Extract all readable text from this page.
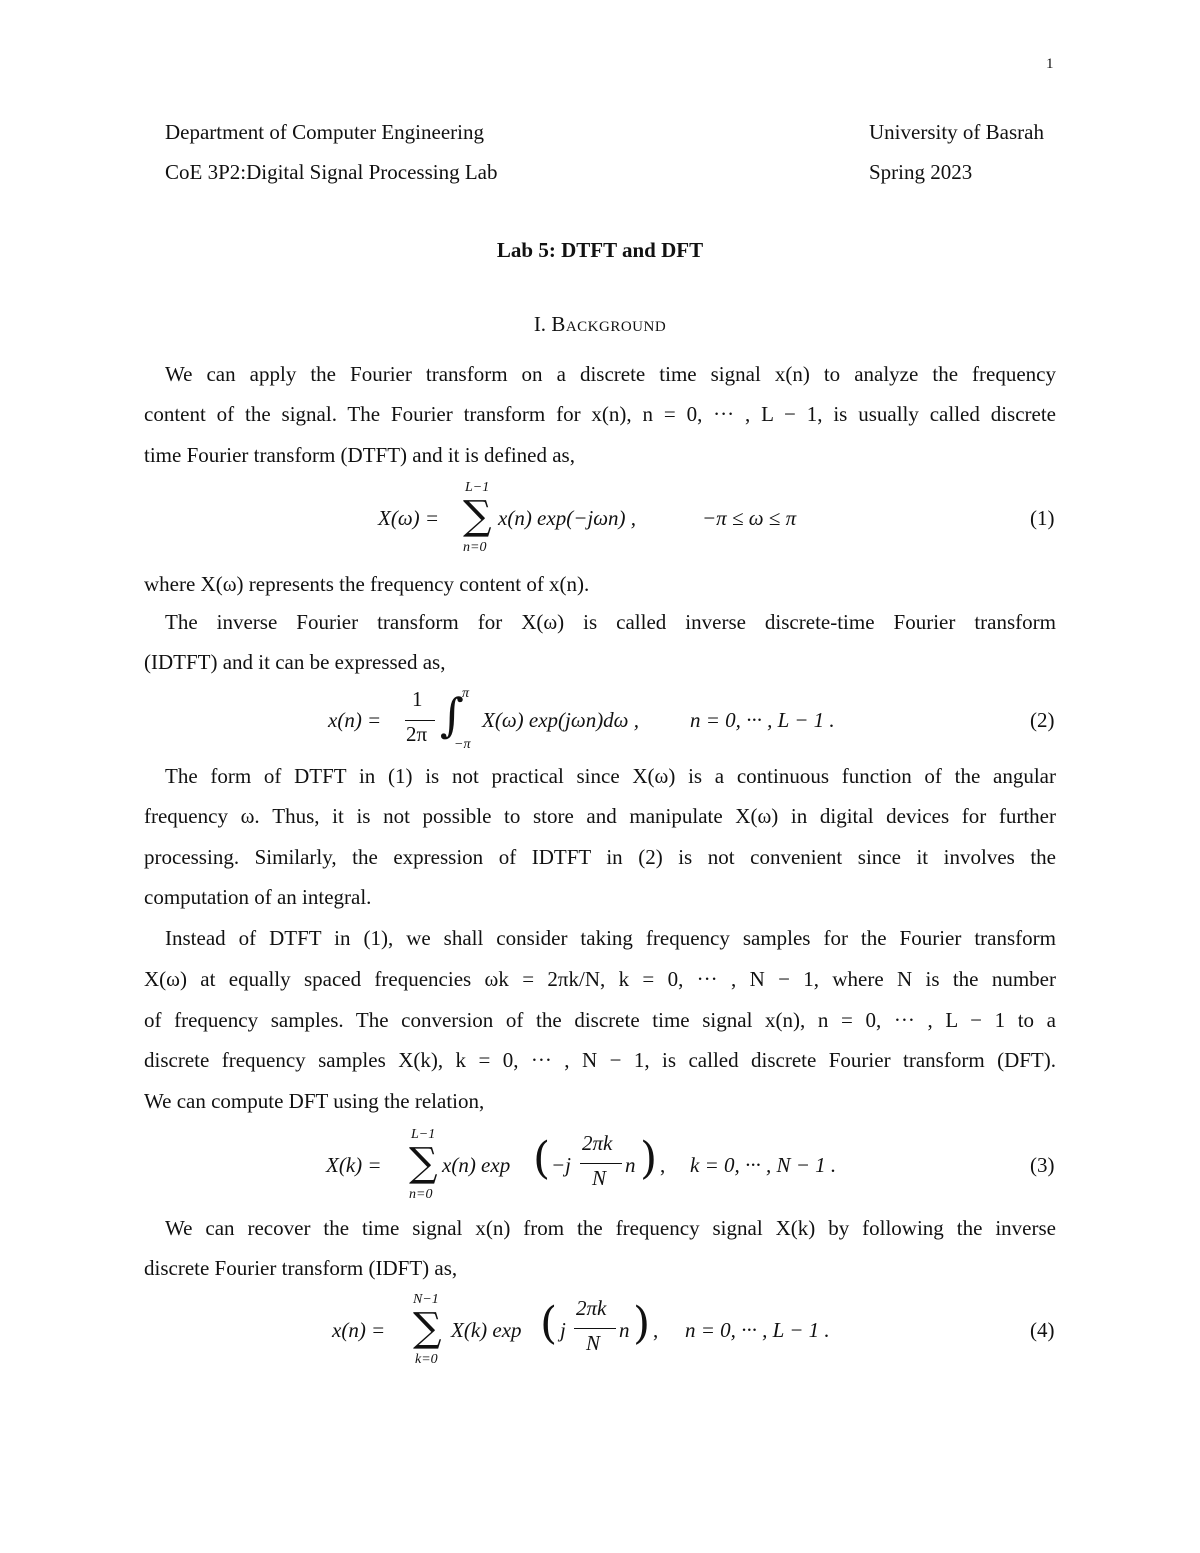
1
Department of Computer Engineering	University of Basrah
CoE 3P2:Digital Signal Processing Lab	Spring 2023
Lab 5: DTFT and DFT
I. Background
We can apply the Fourier transform on a discrete time signal x(n) to analyze the frequency
content of the signal. The Fourier transform for x(n), n = 0, ··· , L − 1, is usually called discrete
time Fourier transform (DTFT) and it is defined as,
X(ω) =
L−1
∑
n=0
x(n) exp(−jωn) ,	−π ≤ ω ≤ π	(1)
where X(ω) represents the frequency content of x(n).
The inverse Fourier transform for X(ω) is called inverse discrete-time Fourier transform
(IDTFT) and it can be expressed as,
x(n) =
1
2π ∫
π
−π
X(ω) exp(jωn)dω , n = 0, ··· , L − 1 .	(2)
The form of DTFT in (1) is not practical since X(ω) is a continuous function of the angular
frequency ω. Thus, it is not possible to store and manipulate X(ω) in digital devices for further
processing. Similarly, the expression of IDTFT in (2) is not convenient since it involves the
computation of an integral.
Instead of DTFT in (1), we shall consider taking frequency samples for the Fourier transform
X(ω) at equally spaced frequencies ωk = 2πk/N, k = 0, ··· , N − 1, where N is the number
of frequency samples. The conversion of the discrete time signal x(n), n = 0, ··· , L − 1 to a
discrete frequency samples X(k), k = 0, ··· , N − 1, is called discrete Fourier transform (DFT).
We can compute DFT using the relation,
X(k) =
L−1
∑
n=0
x(n) exp ( −j
2πk
N
n ) , k = 0, ··· , N − 1 .	(3)
We can recover the time signal x(n) from the frequency signal X(k) by following the inverse
discrete Fourier transform (IDFT) as,
x(n) =
N−1
∑
k=0
X(k) exp ( j
2πk
N
n ) , n = 0, ··· , L − 1 .	(4)
